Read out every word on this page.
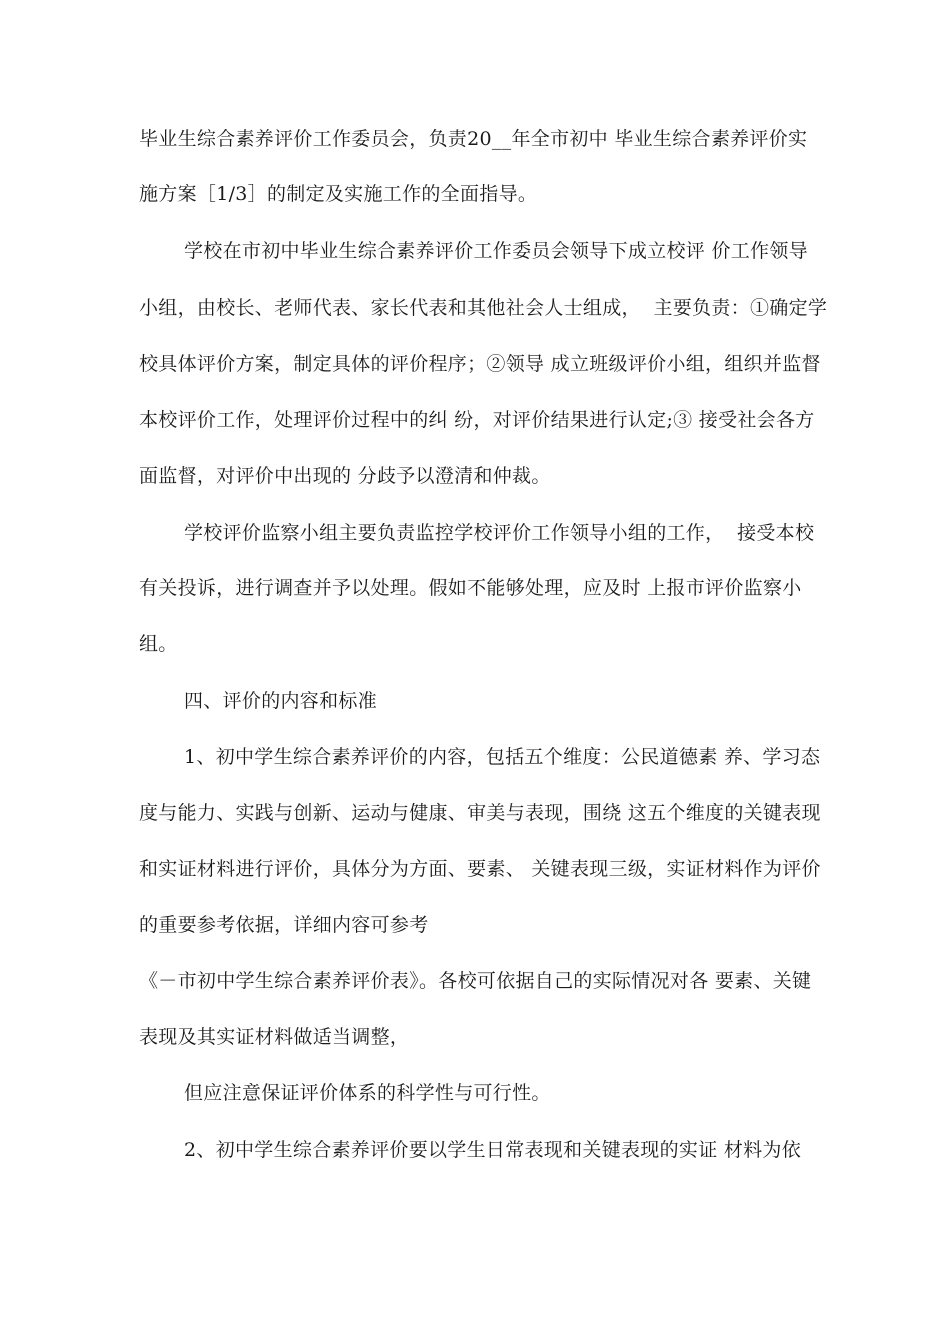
毕业生综合素养评价工作委员会，负责20__年全市初中 毕业生综合素养评价实
施方案［1/3］的制定及实施工作的全面指导。
学校在市初中毕业生综合素养评价工作委员会领导下成立校评 价工作领导
小组，由校长、老师代表、家长代表和其他社会人士组成，  主要负责：①确定学
校具体评价方案，制定具体的评价程序；②领导 成立班级评价小组，组织并监督
本校评价工作，处理评价过程中的纠 纷，对评价结果进行认定;③ 接受社会各方
面监督，对评价中出现的 分歧予以澄清和仲裁。
学校评价监察小组主要负责监控学校评价工作领导小组的工作，  接受本校
有关投诉，进行调查并予以处理。假如不能够处理，应及时 上报市评价监察小
组。
四、评价的内容和标准
1、初中学生综合素养评价的内容，包括五个维度：公民道德素 养、学习态
度与能力、实践与创新、运动与健康、审美与表现，围绕 这五个维度的关键表现
和实证材料进行评价，具体分为方面、要素、 关键表现三级，实证材料作为评价
的重要参考依据，详细内容可参考
《－市初中学生综合素养评价表》。各校可依据自己的实际情况对各 要素、关键
表现及其实证材料做适当调整，
但应注意保证评价体系的科学性与可行性。
2、初中学生综合素养评价要以学生日常表现和关键表现的实证 材料为依
